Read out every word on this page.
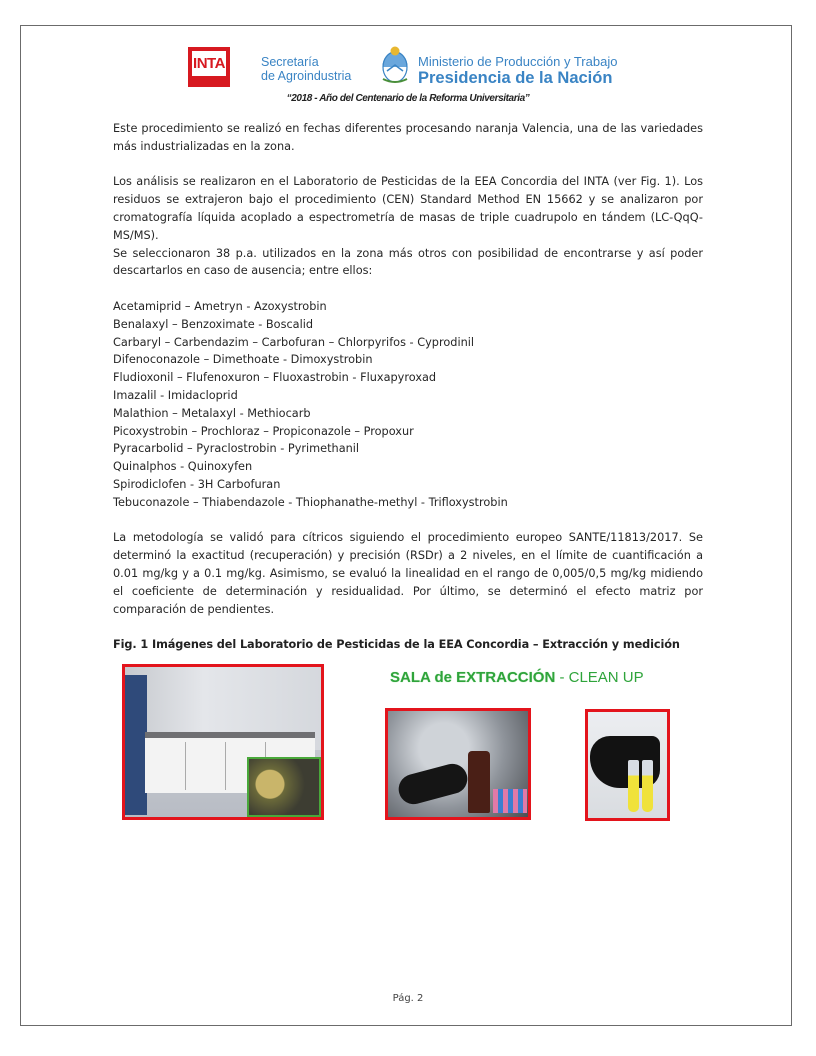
INTA	Secretaría
de Agroindustria
Ministerio de Producción y Trabajo
Presidencia de la Nación
“2018 - Año del Centenario de la Reforma Universitaria”

Este procedimiento se realizó en fechas diferentes procesando naranja Valencia, una de las variedades más industrializadas en la zona.

Los análisis se realizaron en el Laboratorio de Pesticidas de la EEA Concordia del INTA (ver Fig. 1). Los residuos se extrajeron bajo el procedimiento (CEN) Standard Method EN 15662 y se analizaron por cromatografía líquida acoplado a espectrometría de masas de triple cuadrupolo en tándem (LC-QqQ-MS/MS).

Se seleccionaron 38 p.a. utilizados en la zona más otros con posibilidad de encontrarse y así poder descartarlos en caso de ausencia; entre ellos:

Acetamiprid – Ametryn - Azoxystrobin
Benalaxyl – Benzoximate - Boscalid
Carbaryl – Carbendazim – Carbofuran – Chlorpyrifos - Cyprodinil
Difenoconazole – Dimethoate - Dimoxystrobin
Fludioxonil – Flufenoxuron – Fluoxastrobin - Fluxapyroxad
Imazalil - Imidacloprid
Malathion – Metalaxyl - Methiocarb
Picoxystrobin – Prochloraz – Propiconazole – Propoxur
Pyracarbolid – Pyraclostrobin - Pyrimethanil
Quinalphos - Quinoxyfen
Spirodiclofen - 3H Carbofuran
Tebuconazole – Thiabendazole - Thiophanathe-methyl - Trifloxystrobin

La metodología se validó para cítricos siguiendo el procedimiento europeo SANTE/11813/2017. Se determinó la exactitud (recuperación) y precisión (RSDr) a 2 niveles, en el límite de cuantificación a 0.01 mg/kg y a 0.1 mg/kg. Asimismo, se evaluó la linealidad en el rango de 0,005/0,5 mg/kg midiendo el coeficiente de determinación y residualidad. Por último, se determinó el efecto matriz por comparación de pendientes.

Fig. 1 Imágenes del Laboratorio de Pesticidas de la EEA Concordia – Extracción y medición
SALA de EXTRACCIÓN - CLEAN UP
Pág. 2
